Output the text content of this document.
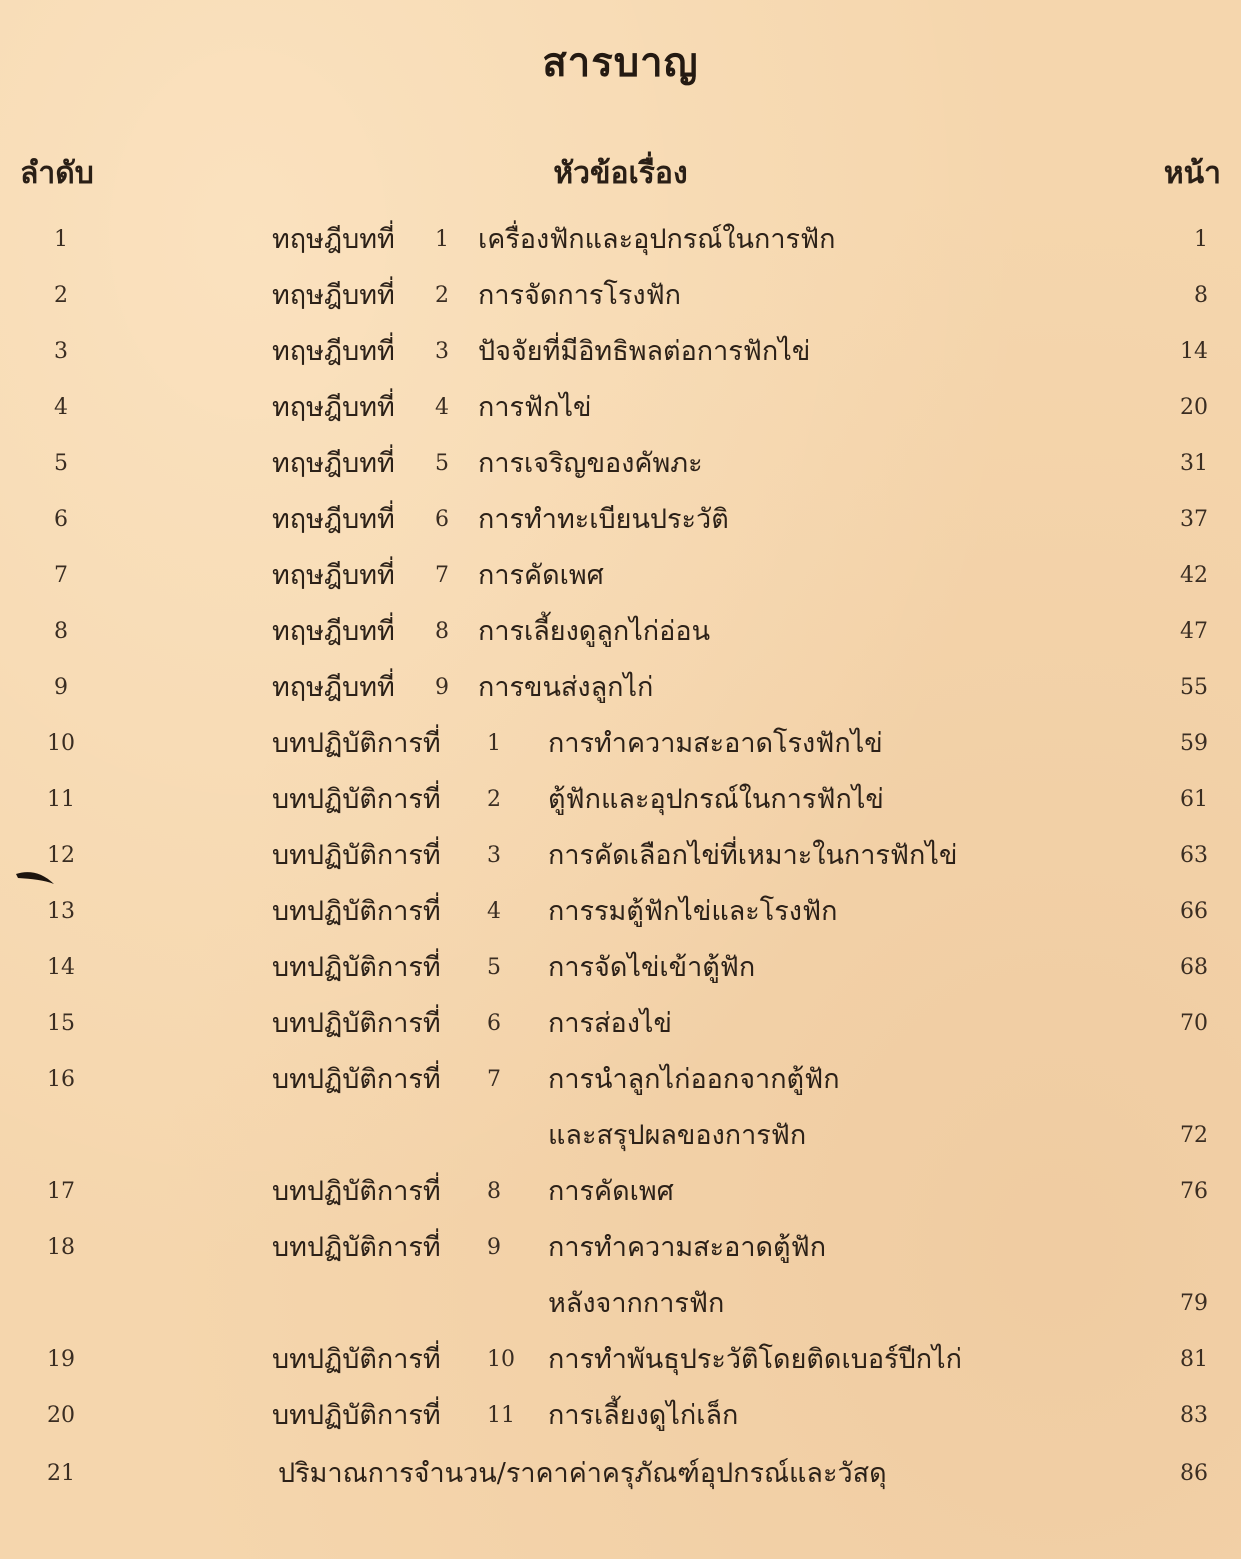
สารบาญ
ลำดับ	หัวข้อเรื่อง	หน้า
1	ทฤษฎีบทที่ 1 เครื่องฟักและอุปกรณ์ในการฟัก	1
2	ทฤษฎีบทที่ 2 การจัดการโรงฟัก	8
3	ทฤษฎีบทที่ 3 ปัจจัยที่มีอิทธิพลต่อการฟักไข่	14
4	ทฤษฎีบทที่ 4 การฟักไข่	20
5	ทฤษฎีบทที่ 5 การเจริญของคัพภะ	31
6	ทฤษฎีบทที่ 6 การทำทะเบียนประวัติ	37
7	ทฤษฎีบทที่ 7 การคัดเพศ	42
8	ทฤษฎีบทที่ 8 การเลี้ยงดูลูกไก่อ่อน	47
9	ทฤษฎีบทที่ 9 การขนส่งลูกไก่	55
10	บทปฏิบัติการที่ 1 การทำความสะอาดโรงฟักไข่	59
11	บทปฏิบัติการที่ 2 ตู้ฟักและอุปกรณ์ในการฟักไข่	61
12	บทปฏิบัติการที่ 3 การคัดเลือกไข่ที่เหมาะในการฟักไข่	63
13	บทปฏิบัติการที่ 4 การรมตู้ฟักไข่และโรงฟัก	66
14	บทปฏิบัติการที่ 5 การจัดไข่เข้าตู้ฟัก	68
15	บทปฏิบัติการที่ 6 การส่องไข่	70
16	บทปฏิบัติการที่ 7 การนำลูกไก่ออกจากตู้ฟัก
และสรุปผลของการฟัก	72
17	บทปฏิบัติการที่ 8 การคัดเพศ	76
18	บทปฏิบัติการที่ 9 การทำความสะอาดตู้ฟัก
หลังจากการฟัก	79
19	บทปฏิบัติการที่ 10 การทำพันธุประวัติโดยติดเบอร์ปีกไก่	81
20	บทปฏิบัติการที่ 11 การเลี้ยงดูไก่เล็ก	83
21	ปริมาณการจำนวน/ราคาค่าครุภัณฑ์อุปกรณ์และวัสดุ	86
